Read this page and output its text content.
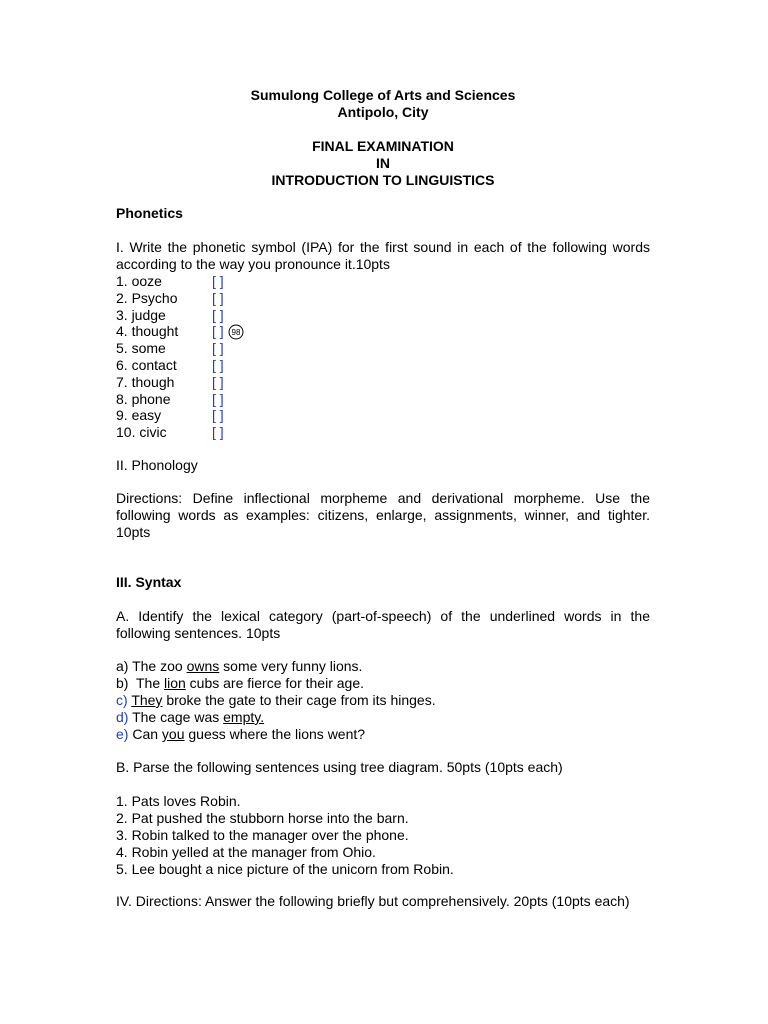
Sumulong College of Arts and Sciences
Antipolo, City
FINAL EXAMINATION
IN
INTRODUCTION TO LINGUISTICS
Phonetics
I. Write the phonetic symbol (IPA) for the first sound in each of the following words according to the way you pronounce it.10pts
1. ooze	[ ]
2. Psycho [ ]
3. judge	[ ]
4. thought [ ] 98
5. some	[ ]
6. contact	[ ]
7. though	[ ]
8. phone	[ ]
9. easy	[ ]
10. civic	[ ]
II. Phonology
Directions: Define inflectional morpheme and derivational morpheme. Use the following words as examples: citizens, enlarge, assignments, winner, and tighter. 10pts
III. Syntax
A. Identify the lexical category (part-of-speech) of the underlined words in the following sentences. 10pts
a) The zoo owns some very funny lions.
b)  The lion cubs are fierce for their age.
c) They broke the gate to their cage from its hinges.
d) The cage was empty.
e) Can you guess where the lions went?
B. Parse the following sentences using tree diagram. 50pts (10pts each)
1. Pats loves Robin.
2. Pat pushed the stubborn horse into the barn.
3. Robin talked to the manager over the phone.
4. Robin yelled at the manager from Ohio.
5. Lee bought a nice picture of the unicorn from Robin.
IV. Directions: Answer the following briefly but comprehensively. 20pts (10pts each)
